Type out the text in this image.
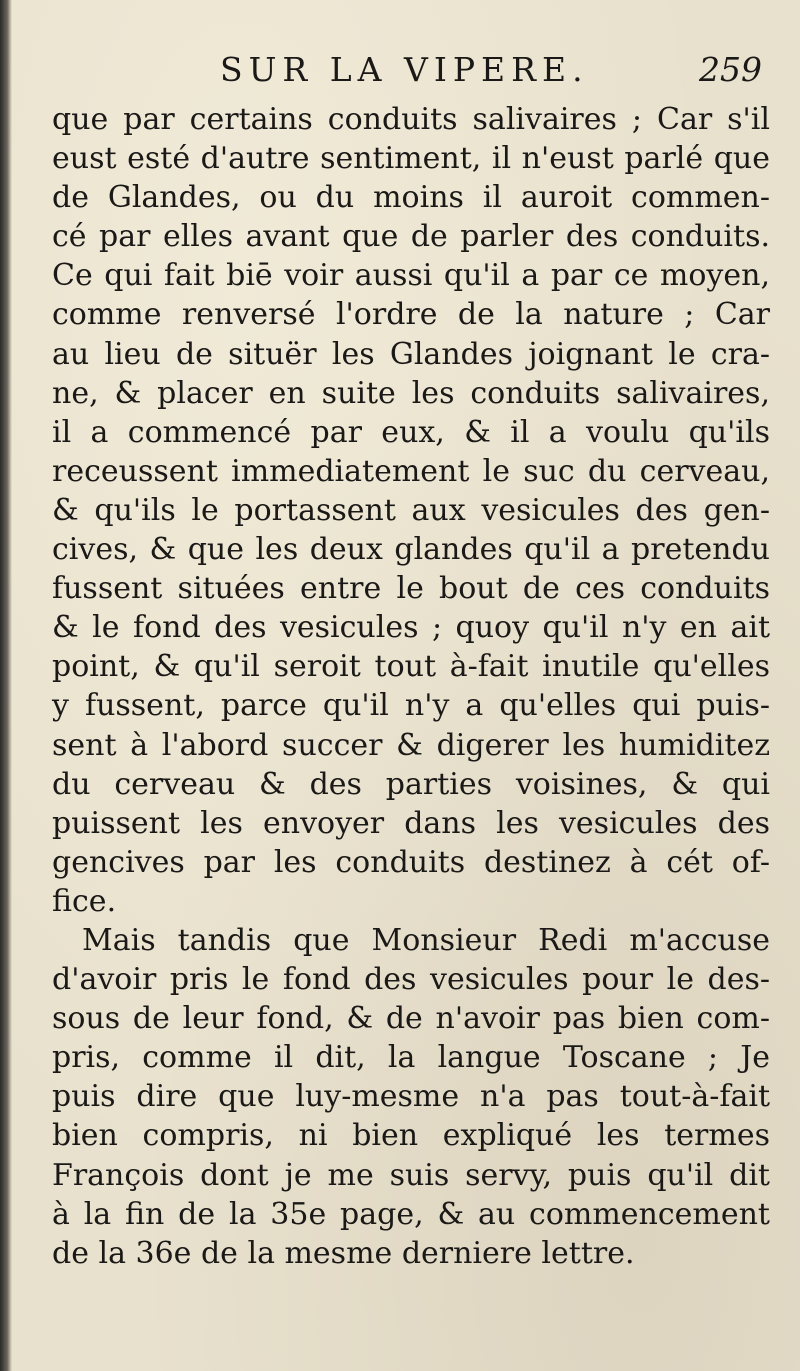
SUR LA VIPERE.	259
que par certains conduits salivaires ; Car s'il
eust esté d'autre sentiment, il n'eust parlé que
de Glandes, ou du moins il auroit commen-
cé par elles avant que de parler des conduits.
Ce qui fait biē voir aussi qu'il a par ce moyen,
comme renversé l'ordre de la nature ; Car
au lieu de situër les Glandes joignant le cra-
ne, & placer en suite les conduits salivaires,
il a commencé par eux, & il a voulu qu'ils
receussent immediatement le suc du cerveau,
& qu'ils le portassent aux vesicules des gen-
cives, & que les deux glandes qu'il a pretendu
fussent situées entre le bout de ces conduits
& le fond des vesicules ; quoy qu'il n'y en ait
point, & qu'il seroit tout à-fait inutile qu'elles
y fussent, parce qu'il n'y a qu'elles qui puis-
sent à l'abord succer & digerer les humiditez
du cerveau & des parties voisines, & qui
puissent les envoyer dans les vesicules des
gencives par les conduits destinez à cét of-
fice.
Mais tandis que Monsieur Redi m'accuse
d'avoir pris le fond des vesicules pour le des-
sous de leur fond, & de n'avoir pas bien com-
pris, comme il dit, la langue Toscane ; Je
puis dire que luy-mesme n'a pas tout-à-fait
bien compris, ni bien expliqué les termes
François dont je me suis servy, puis qu'il dit
à la fin de la 35e page, & au commencement
de la 36e de la mesme derniere lettre.
